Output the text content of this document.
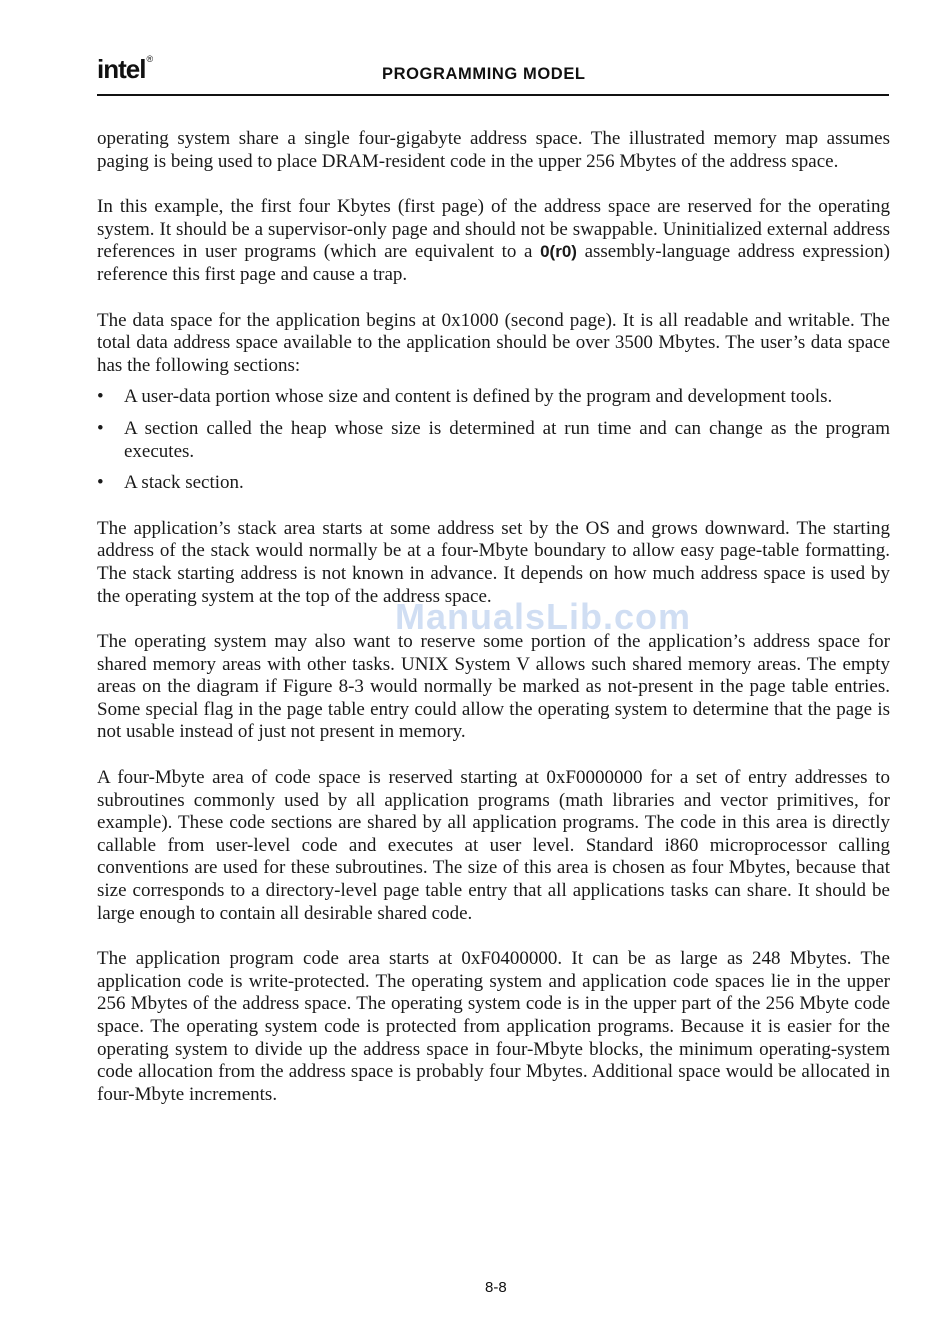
intel®
PROGRAMMING MODEL

operating system share a single four-gigabyte address space. The illustrated memory map assumes paging is being used to place DRAM-resident code in the upper 256 Mbytes of the address space.

In this example, the first four Kbytes (first page) of the address space are reserved for the operating system. It should be a supervisor-only page and should not be swappable. Uninitialized external address references in user programs (which are equivalent to a 0(r0) assembly-language address expression) reference this first page and cause a trap.

The data space for the application begins at 0x1000 (second page). It is all readable and writable. The total data address space available to the application should be over 3500 Mbytes. The user’s data space has the following sections:

• A user-data portion whose size and content is defined by the program and development tools.
• A section called the heap whose size is determined at run time and can change as the program executes.
• A stack section.

The application’s stack area starts at some address set by the OS and grows downward. The starting address of the stack would normally be at a four-Mbyte boundary to allow easy page-table formatting. The stack starting address is not known in advance. It depends on how much address space is used by the operating system at the top of the address space.

The operating system may also want to reserve some portion of the application’s address space for shared memory areas with other tasks. UNIX System V allows such shared memory areas. The empty areas on the diagram if Figure 8-3 would normally be marked as not-present in the page table entries. Some special flag in the page table entry could allow the operating system to determine that the page is not usable instead of just not present in memory.

A four-Mbyte area of code space is reserved starting at 0xF0000000 for a set of entry addresses to subroutines commonly used by all application programs (math libraries and vector primitives, for example). These code sections are shared by all application programs. The code in this area is directly callable from user-level code and executes at user level. Standard i860 microprocessor calling conventions are used for these subroutines. The size of this area is chosen as four Mbytes, because that size corresponds to a directory-level page table entry that all applications tasks can share. It should be large enough to contain all desirable shared code.

The application program code area starts at 0xF0400000. It can be as large as 248 Mbytes. The application code is write-protected. The operating system and application code spaces lie in the upper 256 Mbytes of the address space. The operating system code is in the upper part of the 256 Mbyte code space. The operating system code is protected from application programs. Because it is easier for the operating system to divide up the address space in four-Mbyte blocks, the minimum operating-system code allocation from the address space is probably four Mbytes. Additional space would be allocated in four-Mbyte increments.

ManualsLib.com
8-8
